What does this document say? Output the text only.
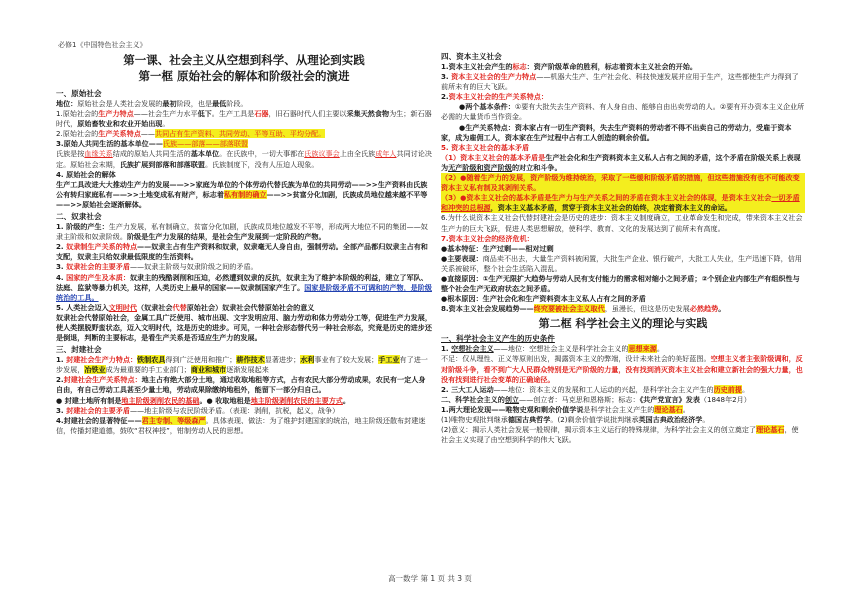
必修1《中国特色社会主义》
第一课、社会主义从空想到科学、从理论到实践
第一框 原始社会的解体和阶级社会的演进
一、原始社会

地位：原始社会是人类社会发展的最初阶段，也是最低阶段。

1.原始社会的生产力特点——社会生产力水平低下。生产工具是石器，旧石器时代人们主要以采集天然食物为生；新石器时代，原始畜牧业和农业开始出现。

2.原始社会的生产关系特点——共同占有生产资料、共同劳动、平等互助、平均分配。

3.原始人共同生活的基本单位——氏族——部落——部落联盟

氏族是按血缘关系结成的原始人共同生活的基本单位。在氏族中，一切大事都在氏族议事会上由全氏族成年人共同讨论决定。原始社会末期，氏族扩展到部落和部落联盟。氏族制度下，没有人压迫人现象。

4. 原始社会的解体

生产工具改进大大推动生产力的发展——>>家庭为单位的个体劳动代替氏族为单位的共同劳动——>>生产资料由氏族公有转归家庭私有——>>土地变成私有财产，标志着私有制的确立——>>贫富分化加剧，氏族成员地位越来越不平等——>>原始社会逐渐解体。

二、奴隶社会

1. 阶级的产生：生产力发展，私有制确立，贫富分化加剧，氏族成员地位越发不平等，形成两大地位不同的集团——奴隶主阶级和奴隶阶级。阶级是生产力发展的结果，是社会生产发展到一定阶段的产物。

2. 奴隶制生产关系的特点——奴隶主占有生产资料和奴隶，奴隶毫无人身自由，强制劳动。全部产品都归奴隶主占有和支配，奴隶主只给奴隶最低限度的生活资料。

3. 奴隶社会的主要矛盾——奴隶主阶级与奴隶阶级之间的矛盾。

4. 国家的产生及本质：奴隶主的残酷剥削和压迫，必然遭到奴隶的反抗，奴隶主为了维护本阶级的利益，建立了军队、法庭、监狱等暴力机关，这样，人类历史上最早的国家——奴隶制国家产生了。国家是阶级矛盾不可调和的产物，是阶级统治的工具。

5. 人类社会迈入文明时代（奴隶社会代替原始社会）奴隶社会代替原始社会的意义

奴隶社会代替原始社会，金属工具广泛使用、城市出现、文字发明应用、脑力劳动和体力劳动分工等，促进生产力发展，使人类摆脱野蛮状态，迈入文明时代，这是历史的进步。可见，一种社会形态替代另一种社会形态，究竟是历史的进步还是倒退，判断的主要标志，是看生产关系是否适应生产力的发展。

三、封建社会

1. 封建社会生产力特点：铁制农具得到广泛使用和推广；耕作技术显著进步；水利事业有了较大发展；手工业有了进一步发展，冶铁业成为最重要的手工业部门；商业和城市逐渐发展起来

2.封建社会生产关系特点：地主占有绝大部分土地，通过收取地租等方式，占有农民大部分劳动成果，农民有一定人身自由，有自己劳动工具甚至少量土地，劳动成果除缴纳地租外，能留下一部分归自己。

● 封建土地所有制是地主阶级剥削农民的基础。● 收取地租是地主阶级剥削农民的主要方式。

3. 封建社会的主要矛盾——地主阶级与农民阶级矛盾。（表现：剥削，抗税，起义，战争）

4.封建社会的显著特征——君主专制、等级森严。具体表现、做法：为了维护封建国家的统治，地主阶级还散布封建迷信，传播封建道德，鼓吹“君权神授”，钳制劳动人民的思想。

四、资本主义社会

1.资本主义社会产生的标志：资产阶级革命的胜利，标志着资本主义社会的开始。

3. 资本主义社会的生产力特点——机器大生产、生产社会化、科技快速发展并应用于生产，这些都使生产力得到了前所未有的巨大飞跃。

2.资本主义社会的生产关系特点：

●两个基本条件：①要有大批失去生产资料、有人身自由、能够自由出卖劳动的人。②要有开办资本主义企业所必需的大量货币当作资金。

●生产关系特点：资本家占有一切生产资料，失去生产资料的劳动者不得不出卖自己的劳动力，受雇于资本家，成为雇佣工人，资本家在生产过程中占有工人创造的剩余价值。

5. 资本主义社会的基本矛盾

（1）资本主义社会的基本矛盾是生产社会化和生产资料资本主义私人占有之间的矛盾，这个矛盾在阶级关系上表现为无产阶级和资产阶级的对立和斗争。

（2）●随着生产力的发展，资产阶级为维持统治，采取了一些缓和阶级矛盾的措施，但这些措施没有也不可能改变资本主义私有制及其剥削关系。

（3）●资本主义社会的基本矛盾是生产力与生产关系之间的矛盾在资本主义社会的体现，是资本主义社会一切矛盾和冲突的总根源，资本主义基本矛盾，贯穿于资本主义社会的始终，决定着资本主义的命运。

6.为什么说资本主义社会代替封建社会是历史的进步：资本主义制度确立，工业革命发生和完成，带来资本主义社会生产力的巨大飞跃，促进人类思想解放，使科学、教育、文化的发展达到了前所未有高度。

7.资本主义社会的经济危机：

●基本特征：生产过剩——相对过剩

●主要表现：商品卖不出去，大量生产资料被闲置，大批生产企业、银行破产，大批工人失业，生产迅速下降，信用关系被破坏，整个社会生活陷入混乱。

●直接原因：①生产无限扩大趋势与劳动人民有支付能力的需求相对缩小之间矛盾；②个别企业内部生产有组织性与整个社会生产无政府状态之间矛盾。

●根本原因：生产社会化和生产资料资本主义私人占有之间的矛盾

8.资本主义社会发展趋势——终究要被社会主义取代，虽漫长，但这是历史发展必然趋势。

第二框 科学社会主义的理论与实践
一、科学社会主义产生的历史条件

1. 空想社会主义——地位：空想社会主义是科学社会主义的思想来源。

不足：仅从理性、正义等原则出发，揭露资本主义的弊端，设计未来社会的美好蓝图。空想主义者主张阶级调和，反对阶级斗争，看不到广大人民群众特别是无产阶级的力量，没有找到消灭资本主义社会和建立新社会的强大力量，也没有找到进行社会变革的正确途径。

2. 三大工人运动——地位：资本主义的发展和工人运动的兴起，是科学社会主义产生的历史前提。

二、科学社会主义的创立——创立者：马克思和恩格斯；标志：《共产党宣言》发表（1848年2月）

1.两大理论发现——唯物史观和剩余价值学说是科学社会主义产生的理论基石。

(1)唯物史观批判继承德国古典哲学。(2)剩余价值学说批判继承英国古典政治经济学。

(2)意义：揭示人类社会发展一般规律，揭示资本主义运行的特殊规律，为科学社会主义的创立奠定了理论基石，使社会主义实现了由空想到科学的伟大飞跃。

高一数学 第 1 页 共 3 页
